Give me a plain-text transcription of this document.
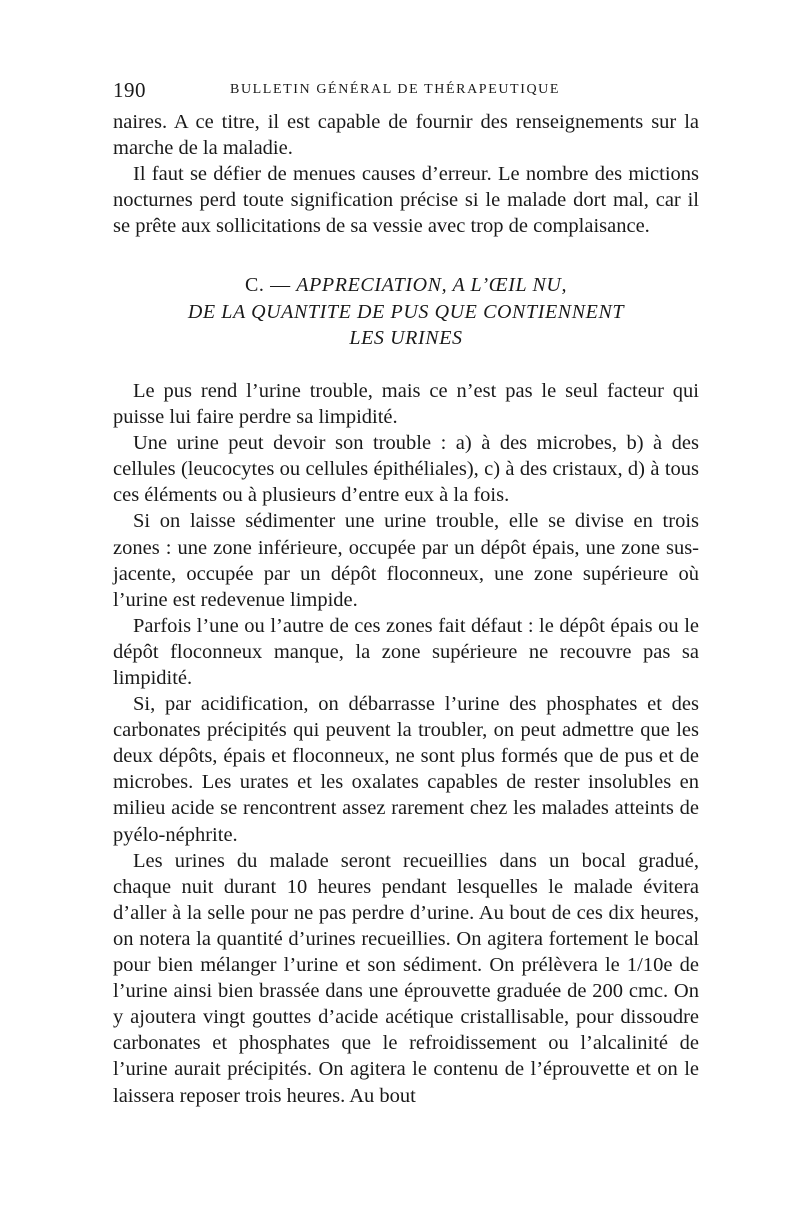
190	BULLETIN GÉNÉRAL DE THÉRAPEUTIQUE

naires. A ce titre, il est capable de fournir des renseignements sur la marche de la maladie.

Il faut se défier de menues causes d’erreur. Le nombre des mictions nocturnes perd toute signification précise si le malade dort mal, car il se prête aux sollicitations de sa vessie avec trop de complaisance.

C. — APPRECIATION, A L’ŒIL NU,
DE LA QUANTITE DE PUS QUE CONTIENNENT
LES URINES

Le pus rend l’urine trouble, mais ce n’est pas le seul facteur qui puisse lui faire perdre sa limpidité.

Une urine peut devoir son trouble : a) à des microbes, b) à des cellules (leucocytes ou cellules épithéliales), c) à des cristaux, d) à tous ces éléments ou à plusieurs d’entre eux à la fois.

Si on laisse sédimenter une urine trouble, elle se divise en trois zones : une zone inférieure, occupée par un dépôt épais, une zone sus-jacente, occupée par un dépôt floconneux, une zone supérieure où l’urine est redevenue limpide.

Parfois l’une ou l’autre de ces zones fait défaut : le dépôt épais ou le dépôt floconneux manque, la zone supérieure ne recouvre pas sa limpidité.

Si, par acidification, on débarrasse l’urine des phosphates et des carbonates précipités qui peuvent la troubler, on peut admettre que les deux dépôts, épais et floconneux, ne sont plus formés que de pus et de microbes. Les urates et les oxalates capables de rester insolubles en milieu acide se rencontrent assez rarement chez les malades atteints de pyélo-néphrite.

Les urines du malade seront recueillies dans un bocal gradué, chaque nuit durant 10 heures pendant lesquelles le malade évitera d’aller à la selle pour ne pas perdre d’urine. Au bout de ces dix heures, on notera la quantité d’urines recueillies. On agitera fortement le bocal pour bien mélanger l’urine et son sédiment. On prélèvera le 1/10e de l’urine ainsi bien brassée dans une éprouvette graduée de 200 cmc. On y ajoutera vingt gouttes d’acide acétique cristallisable, pour dissoudre carbonates et phosphates que le refroidissement ou l’alcalinité de l’urine aurait précipités. On agitera le contenu de l’éprouvette et on le laissera reposer trois heures. Au bout
